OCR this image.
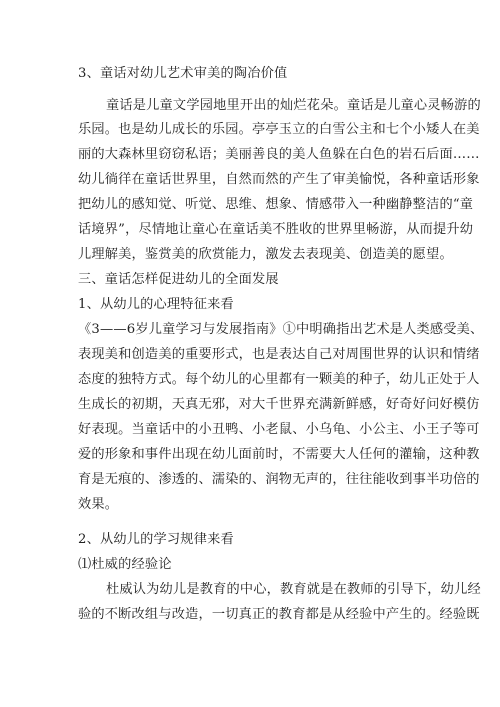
3、童话对幼儿艺术审美的陶冶价值
童话是儿童文学园地里开出的灿烂花朵。童话是儿童心灵畅游的
乐园。也是幼儿成长的乐园。亭亭玉立的白雪公主和七个小矮人在美
丽的大森林里窃窃私语；美丽善良的美人鱼躲在白色的岩石后面……
幼儿徜徉在童话世界里，自然而然的产生了审美愉悦，各种童话形象
把幼儿的感知觉、听觉、思维、想象、情感带入一种幽静整洁的“童
话境界”，尽情地让童心在童话美不胜收的世界里畅游，从而提升幼
儿理解美，鉴赏美的欣赏能力，激发去表现美、创造美的愿望。
三、童话怎样促进幼儿的全面发展
1、从幼儿的心理特征来看
《3——6岁儿童学习与发展指南》①中明确指出艺术是人类感受美、
表现美和创造美的重要形式，也是表达自己对周围世界的认识和情绪
态度的独特方式。每个幼儿的心里都有一颗美的种子，幼儿正处于人
生成长的初期，天真无邪，对大千世界充满新鲜感，好奇好问好模仿
好表现。当童话中的小丑鸭、小老鼠、小乌龟、小公主、小王子等可
爱的形象和事件出现在幼儿面前时，不需要大人任何的灌输，这种教
育是无痕的、渗透的、濡染的、润物无声的，往往能收到事半功倍的
效果。
2、从幼儿的学习规律来看
⑴杜威的经验论
杜威认为幼儿是教育的中心，教育就是在教师的引导下，幼儿经
验的不断改组与改造，一切真正的教育都是从经验中产生的。经验既
